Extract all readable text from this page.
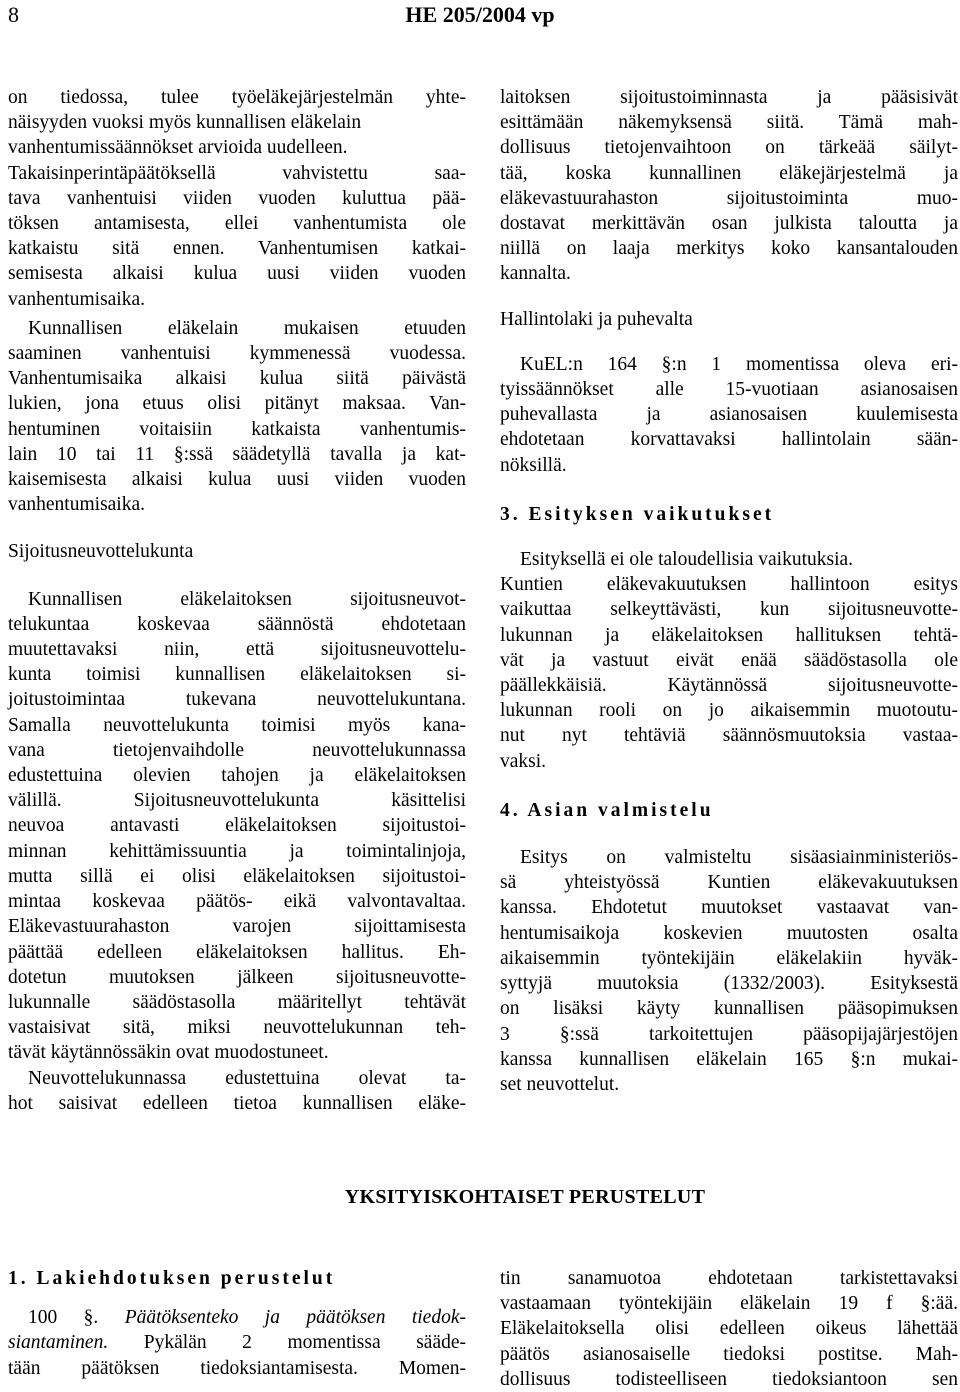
8	HE 205/2004 vp

on tiedossa, tulee työeläkejärjestelmän yhte-
näisyyden vuoksi myös kunnallisen eläkelain
vanhentumissäännökset arvioida uudelleen.
Takaisinperintäpäätöksellä vahvistettu saa-
tava vanhentuisi viiden vuoden kuluttua pää-
töksen antamisesta, ellei vanhentumista ole
katkaistu sitä ennen. Vanhentumisen katkai-
semisesta alkaisi kulua uusi viiden vuoden
vanhentumisaika.

Kunnallisen eläkelain mukaisen etuuden

saaminen vanhentuisi kymmenessä vuodessa.
Vanhentumisaika alkaisi kulua siitä päivästä
lukien, jona etuus olisi pitänyt maksaa. Van-
hentuminen voitaisiin katkaista vanhentumis-
lain 10 tai 11 §:ssä säädetyllä tavalla ja kat-
kaisemisesta alkaisi kulua uusi viiden vuoden
vanhentumisaika.

Sijoitusneuvottelukunta

Kunnallisen eläkelaitoksen sijoitusneuvot-
telukuntaa koskevaa säännöstä ehdotetaan
muutettavaksi niin, että sijoitusneuvottelu-
kunta toimisi kunnallisen eläkelaitoksen si-
joitustoimintaa tukevana neuvottelukuntana.
Samalla neuvottelukunta toimisi myös kana-
vana tietojenvaihdolle neuvottelukunnassa
edustettuina olevien tahojen ja eläkelaitoksen
välillä. Sijoitusneuvottelukunta käsittelisi
neuvoa antavasti eläkelaitoksen sijoitustoi-
minnan kehittämissuuntia ja toimintalinjoja,
mutta sillä ei olisi eläkelaitoksen sijoitustoi-
mintaa koskevaa päätös- eikä valvontavaltaa.
Eläkevastuurahaston varojen sijoittamisesta
päättää edelleen eläkelaitoksen hallitus. Eh-
dotetun muutoksen jälkeen sijoitusneuvotte-
lukunnalle säädöstasolla määritellyt tehtävät
vastaisivat sitä, miksi neuvottelukunnan teh-
tävät käytännössäkin ovat muodostuneet.

Neuvottelukunnassa edustettuina olevat ta-
hot saisivat edelleen tietoa kunnallisen eläke-

laitoksen sijoitustoiminnasta ja pääsisivät
esittämään näkemyksensä siitä. Tämä mah-
dollisuus tietojenvaihtoon on tärkeää säilyt-
tää, koska kunnallinen eläkejärjestelmä ja
eläkevastuurahaston sijoitustoiminta muo-
dostavat merkittävän osan julkista taloutta ja
niillä on laaja merkitys koko kansantalouden
kannalta.

Hallintolaki ja puhevalta

KuEL:n 164 §:n 1 momentissa oleva eri-
tyissäännökset alle 15-vuotiaan asianosaisen
puhevallasta ja asianosaisen kuulemisesta
ehdotetaan korvattavaksi hallintolain sään-
nöksillä.

3. Esityksen vaikutukset

Esityksellä ei ole taloudellisia vaikutuksia.
Kuntien eläkevakuutuksen hallintoon esitys
vaikuttaa selkeyttävästi, kun sijoitusneuvotte-
lukunnan ja eläkelaitoksen hallituksen tehtä-
vät ja vastuut eivät enää säädöstasolla ole
päällekkäisiä. Käytännössä sijoitusneuvotte-
lukunnan rooli on jo aikaisemmin muotoutu-
nut nyt tehtäviä säännösmuutoksia vastaa-
vaksi.

4. Asian valmistelu

Esitys on valmisteltu sisäasiainministeriös-
sä yhteistyössä Kuntien eläkevakuutuksen
kanssa. Ehdotetut muutokset vastaavat van-
hentumisaikoja koskevien muutosten osalta
aikaisemmin työntekijäin eläkelakiin hyväk-
syttyjä muutoksia (1332/2003). Esityksestä
on lisäksi käyty kunnallisen pääsopimuksen
3 §:ssä tarkoitettujen pääsopijajärjestöjen
kanssa kunnallisen eläkelain 165 §:n mukai-
set neuvottelut.

YKSITYISKOHTAISET PERUSTELUT

1. Lakiehdotuksen perustelut

100 §. Päätöksenteko ja päätöksen tiedok-
siantaminen. Pykälän 2 momentissa sääde-
tään päätöksen tiedoksiantamisesta. Momen-

tin sanamuotoa ehdotetaan tarkistettavaksi
vastaamaan työntekijäin eläkelain 19 f §:ää.
Eläkelaitoksella olisi edelleen oikeus lähettää
päätös asianosaiselle tiedoksi postitse. Mah-
dollisuus todisteelliseen tiedoksiantoon sen
